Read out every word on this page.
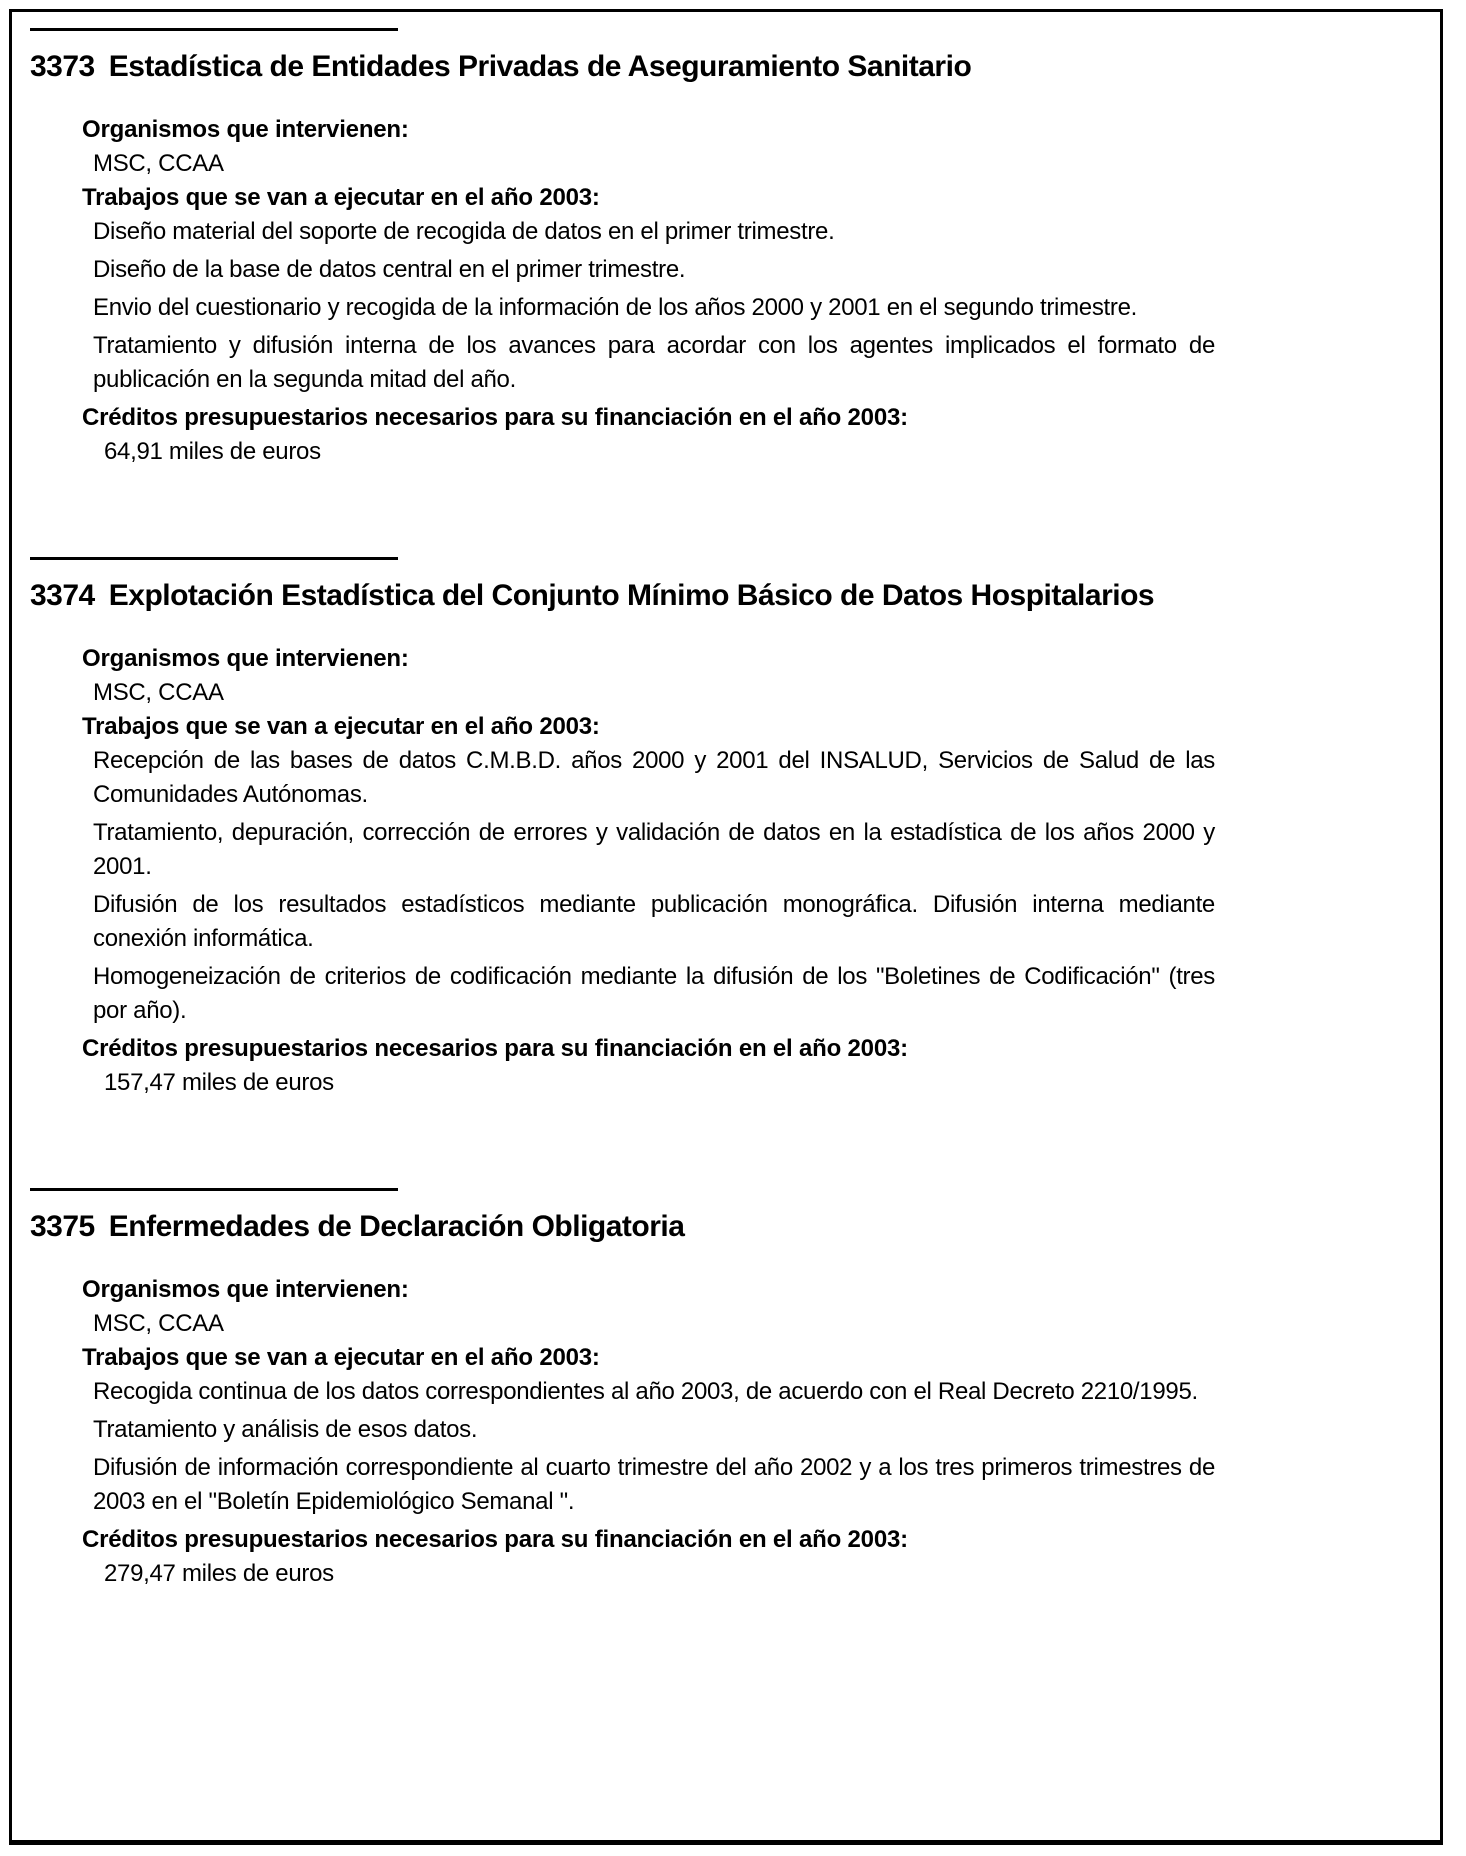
3373 Estadística de Entidades Privadas de Aseguramiento Sanitario
Organismos que intervienen:
MSC, CCAA
Trabajos que se van a ejecutar en el año 2003:
Diseño material del soporte de recogida de datos en el primer trimestre.
Diseño de la base de datos central en el primer trimestre.
Envio del cuestionario y recogida de la información de los años 2000 y 2001 en el segundo trimestre.
Tratamiento y difusión interna de los avances para acordar con los agentes implicados el formato de publicación en la segunda mitad del año.
Créditos presupuestarios necesarios para su financiación en el año 2003:
64,91 miles de euros
3374 Explotación Estadística del Conjunto Mínimo Básico de Datos Hospitalarios
Organismos que intervienen:
MSC, CCAA
Trabajos que se van a ejecutar en el año 2003:
Recepción de las bases de datos C.M.B.D. años 2000 y 2001 del INSALUD, Servicios de Salud de las Comunidades Autónomas.
Tratamiento, depuración, corrección de errores y validación de datos en la estadística de los años 2000 y 2001.
Difusión de los resultados estadísticos mediante publicación monográfica. Difusión interna mediante conexión informática.
Homogeneización de criterios de codificación mediante la difusión de los "Boletines de Codificación" (tres por año).
Créditos presupuestarios necesarios para su financiación en el año 2003:
157,47 miles de euros
3375 Enfermedades de Declaración Obligatoria
Organismos que intervienen:
MSC, CCAA
Trabajos que se van a ejecutar en el año 2003:
Recogida continua de los datos correspondientes al año 2003, de acuerdo con el Real Decreto 2210/1995.
Tratamiento y análisis de esos datos.
Difusión de información correspondiente al cuarto trimestre del año 2002 y a los tres primeros trimestres de 2003 en el "Boletín Epidemiológico Semanal ".
Créditos presupuestarios necesarios para su financiación en el año 2003:
279,47 miles de euros
